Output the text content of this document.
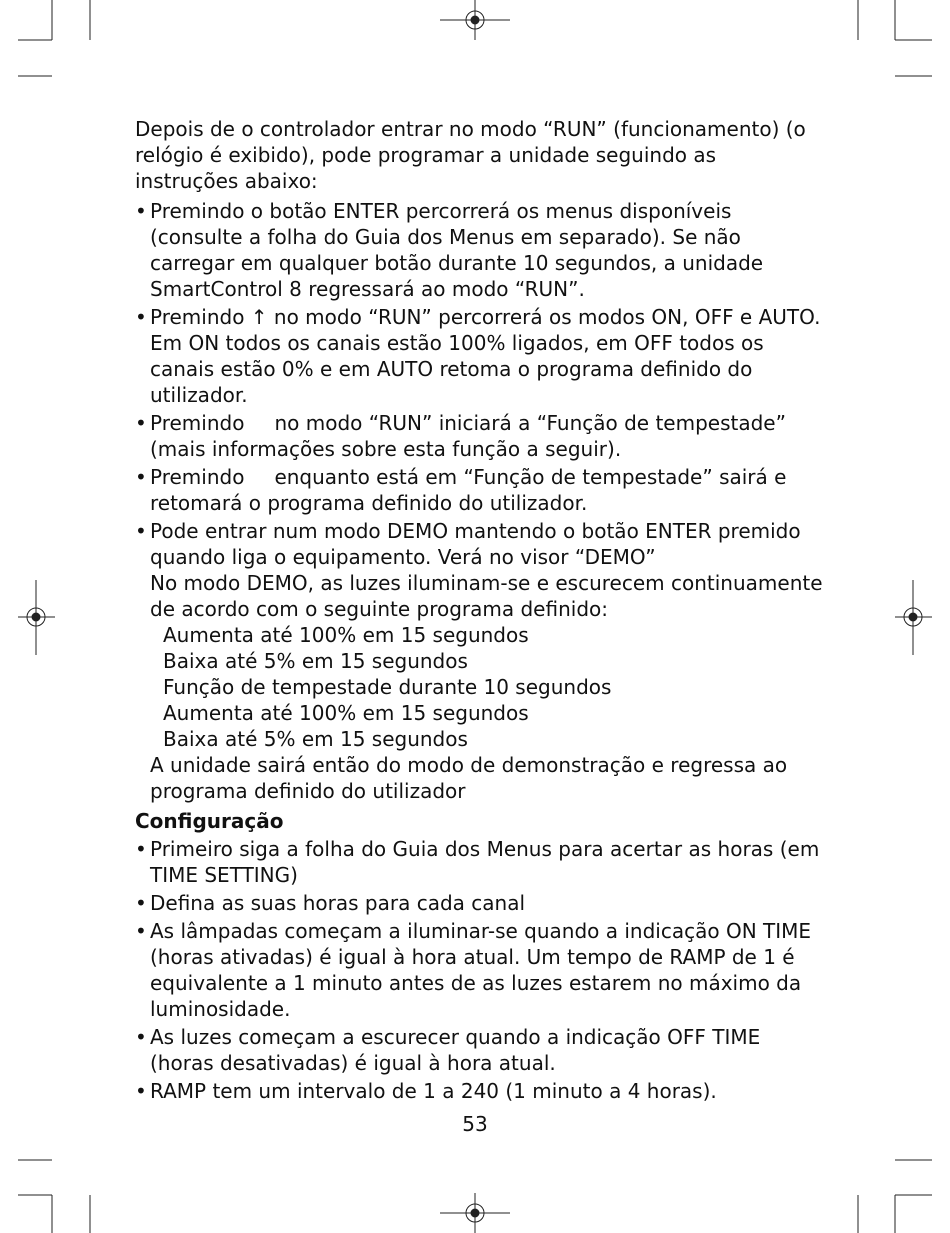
Depois de o controlador entrar no modo “RUN” (funcionamento) (o relógio é exibido), pode programar a unidade seguindo as instruções abaixo:

• Premindo o botão ENTER percorrerá os menus disponíveis (consulte a folha do Guia dos Menus em separado). Se não carregar em qualquer botão durante 10 segundos, a unidade SmartControl 8 regressará ao modo “RUN”.
• Premindo ↑ no modo “RUN” percorrerá os modos ON, OFF e AUTO. Em ON todos os canais estão 100% ligados, em OFF todos os canais estão 0% e em AUTO retoma o programa definido do utilizador.
• Premindo no modo “RUN” iniciará a “Função de tempestade” (mais informações sobre esta função a seguir).
• Premindo enquanto está em “Função de tempestade” sairá e retomará o programa definido do utilizador.
• Pode entrar num modo DEMO mantendo o botão ENTER premido quando liga o equipamento. Verá no visor “DEMO”

No modo DEMO, as luzes iluminam-se e escurecem continuamente de acordo com o seguinte programa definido:

Aumenta até 100% em 15 segundos

Baixa até 5% em 15 segundos

Função de tempestade durante 10 segundos

Aumenta até 100% em 15 segundos

Baixa até 5% em 15 segundos

A unidade sairá então do modo de demonstração e regressa ao programa definido do utilizador

Configuração

• Primeiro siga a folha do Guia dos Menus para acertar as horas (em TIME SETTING)
• Defina as suas horas para cada canal
• As lâmpadas começam a iluminar-se quando a indicação ON TIME (horas ativadas) é igual à hora atual. Um tempo de RAMP de 1 é equivalente a 1 minuto antes de as luzes estarem no máximo da luminosidade.
• As luzes começam a escurecer quando a indicação OFF TIME (horas desativadas) é igual à hora atual.
• RAMP tem um intervalo de 1 a 240 (1 minuto a 4 horas).
53
